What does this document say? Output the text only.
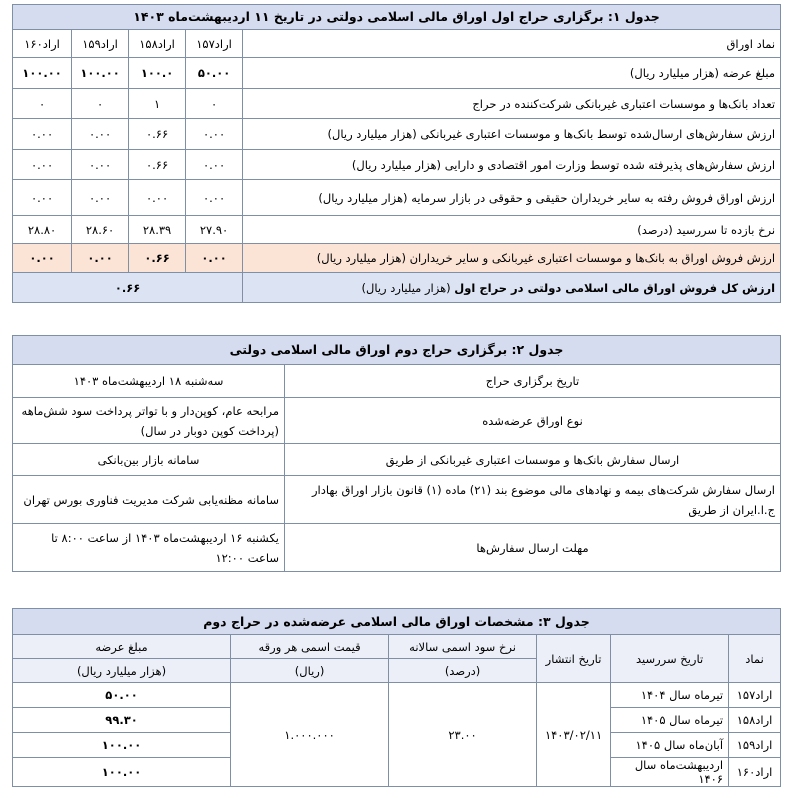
جدول ۱: برگزاری حراج اول اوراق مالی اسلامی دولتی در تاریخ ۱۱ اردیبهشت‌ماه ۱۴۰۳				
نماد اوراق	اراد۱۵۷	اراد۱۵۸	اراد۱۵۹	اراد۱۶۰
مبلغ عرضه (هزار میلیارد ریال)	۵۰.۰۰	۱۰۰.۰	۱۰۰.۰۰	۱۰۰.۰۰
تعداد بانک‌ها و موسسات اعتباری غیربانکی شرکت‌کننده در حراج	۰	۱	۰	۰
ارزش سفارش‌های ارسال‌شده توسط بانک‌ها و موسسات اعتباری غیربانکی (هزار میلیارد ریال)	۰.۰۰	۰.۶۶	۰.۰۰	۰.۰۰
ارزش سفارش‌های پذیرفته شده توسط وزارت امور اقتصادی و دارایی (هزار میلیارد ریال)	۰.۰۰	۰.۶۶	۰.۰۰	۰.۰۰
ارزش اوراق فروش رفته به سایر خریداران حقیقی و حقوقی در بازار سرمایه (هزار میلیارد ریال)	۰.۰۰	۰.۰۰	۰.۰۰	۰.۰۰
نرخ بازده تا سررسید (درصد)	۲۷.۹۰	۲۸.۳۹	۲۸.۶۰	۲۸.۸۰
ارزش فروش اوراق به بانک‌ها و موسسات اعتباری غیربانکی و سایر خریداران (هزار میلیارد ریال)	۰.۰۰	۰.۶۶	۰.۰۰	۰.۰۰
ارزش کل فروش اوراق مالی اسلامی دولتی در حراج اول (هزار میلیارد ریال)	۰.۶۶			
جدول ۲: برگزاری حراج دوم اوراق مالی اسلامی دولتی	
تاریخ برگزاری حراج	سه‌شنبه ۱۸ اردیبهشت‌ماه ۱۴۰۳
نوع اوراق عرضه‌شده	مرابحه عام، کوپن‌دار و با تواتر پرداخت سود شش‌ماهه (پرداخت کوپن دوبار در سال)
ارسال سفارش بانک‌ها و موسسات اعتباری غیربانکی از طریق	سامانه بازار بین‌بانکی
ارسال سفارش شرکت‌های بیمه و نهادهای مالی موضوع بند (۲۱) ماده (۱) قانون بازار اوراق بهادار ج.ا.ایران از طریق	سامانه مظنه‌یابی شرکت مدیریت فناوری بورس تهران
مهلت ارسال سفارش‌ها	یکشنبه ۱۶ اردیبهشت‌ماه ۱۴۰۳ از ساعت ۸:۰۰ تا ساعت ۱۲:۰۰
جدول ۳: مشخصات اوراق مالی اسلامی عرضه‌شده در حراج دوم					
نماد	تاریخ سررسید	تاریخ انتشار	نرخ سود اسمی سالانه	قیمت اسمی هر ورقه	مبلغ عرضه
			(درصد)	(ریال)	(هزار میلیارد ریال)
اراد۱۵۷	تیرماه سال ۱۴۰۴	۱۴۰۳/۰۲/۱۱	۲۳.۰۰	۱.۰۰۰.۰۰۰	۵۰.۰۰
اراد۱۵۸	تیرماه سال ۱۴۰۵				۹۹.۳۰
اراد۱۵۹	آبان‌ماه سال ۱۴۰۵				۱۰۰.۰۰
اراد۱۶۰	اردیبهشت‌ماه سال ۱۴۰۶				۱۰۰.۰۰
